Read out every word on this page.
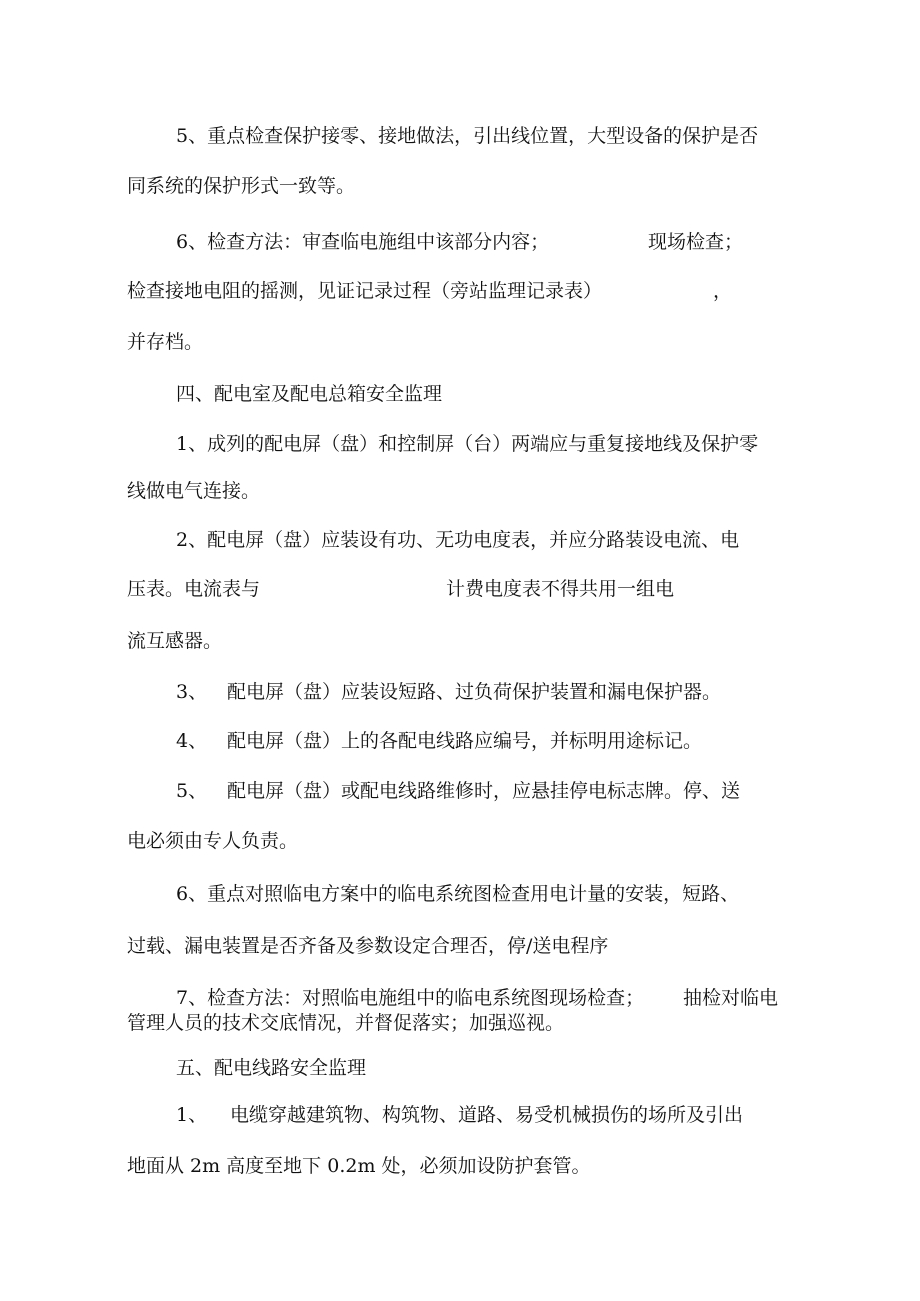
5、重点检查保护接零、接地做法，引出线位置，大型设备的保护是否

同系统的保护形式一致等。

6、检查方法：审查临电施组中该部分内容；	现场检查；

检查接地电阻的摇测，见证记录过程（旁站监理记录表）	，

并存档。

四、配电室及配电总箱安全监理

1、成列的配电屏（盘）和控制屏（台）两端应与重复接地线及保护零

线做电气连接。

2、配电屏（盘）应装设有功、无功电度表，并应分路装设电流、电

压表。电流表与	计费电度表不得共用一组电

流互感器。

3、 配电屏（盘）应装设短路、过负荷保护装置和漏电保护器。

4、 配电屏（盘）上的各配电线路应编号，并标明用途标记。

5、 配电屏（盘）或配电线路维修时，应悬挂停电标志牌。停、送

电必须由专人负责。

6、重点对照临电方案中的临电系统图检查用电计量的安装，短路、

过载、漏电装置是否齐备及参数设定合理否，停/送电程序

7、检查方法：对照临电施组中的临电系统图现场检查； 抽检对临电

管理人员的技术交底情况，并督促落实；加强巡视。

五、配电线路安全监理

1、 电缆穿越建筑物、构筑物、道路、易受机械损伤的场所及引出

地面从 2m 高度至地下 0.2m 处，必须加设防护套管。
